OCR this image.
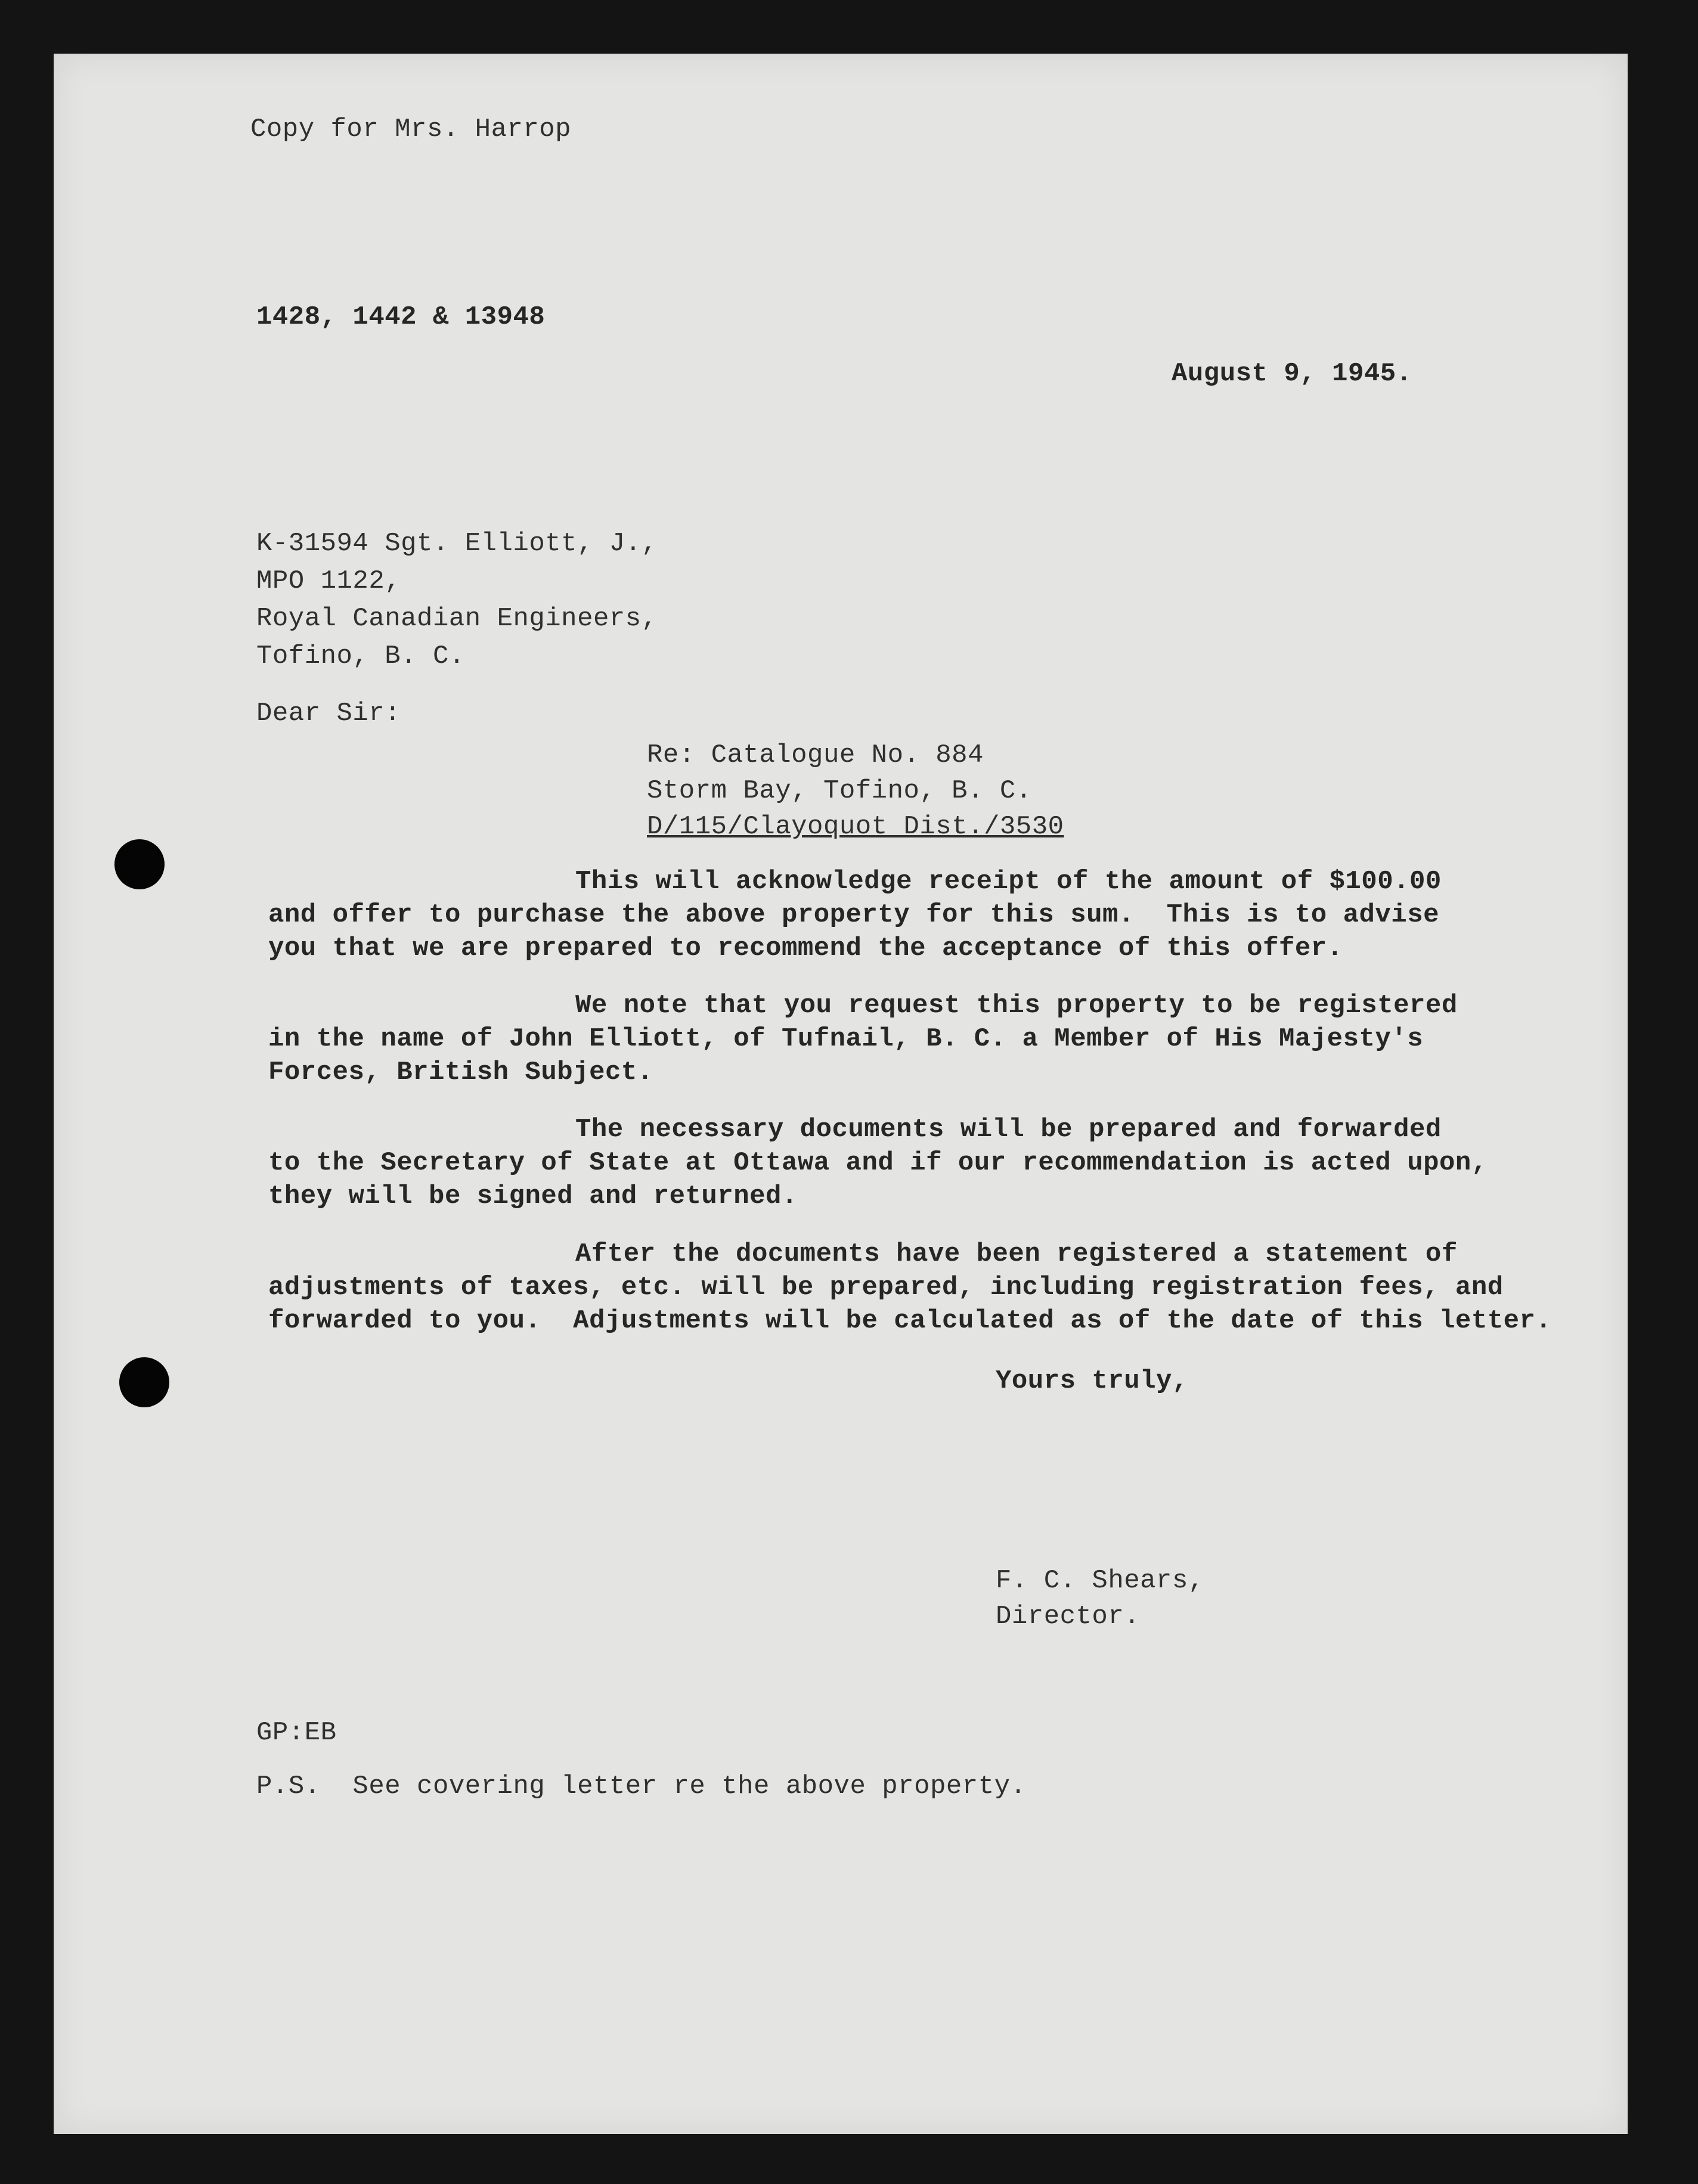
Copy for Mrs. Harrop
1428, 1442 & 13948
August 9, 1945.
K-31594 Sgt. Elliott, J.,
MPO 1122,
Royal Canadian Engineers,
Tofino, B. C.
Dear Sir:
Re: Catalogue No. 884
Storm Bay, Tofino, B. C.
D/115/Clayoquot Dist./3530
This will acknowledge receipt of the amount of $100.00
and offer to purchase the above property for this sum.  This is to advise
you that we are prepared to recommend the acceptance of this offer.
We note that you request this property to be registered
in the name of John Elliott, of Tufnail, B. C. a Member of His Majesty's
Forces, British Subject.
The necessary documents will be prepared and forwarded
to the Secretary of State at Ottawa and if our recommendation is acted upon,
they will be signed and returned.
After the documents have been registered a statement of
adjustments of taxes, etc. will be prepared, including registration fees, and
forwarded to you.  Adjustments will be calculated as of the date of this letter.
Yours truly,
F. C. Shears,
Director.
GP:EB
P.S.  See covering letter re the above property.
